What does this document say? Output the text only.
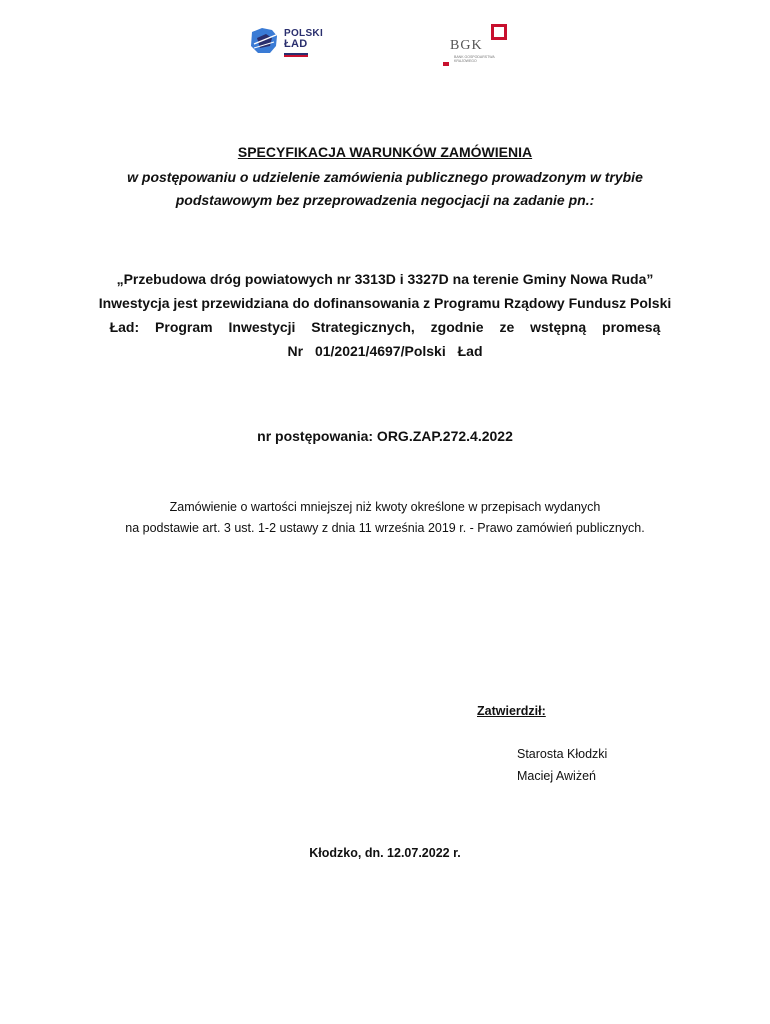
POLSKI
ŁAD	BGK
BANK GOSPODARSTWA KRAJOWEGO
SPECYFIKACJA WARUNKÓW ZAMÓWIENIA
w postępowaniu o udzielenie zamówienia publicznego prowadzonym w trybie
podstawowym bez przeprowadzenia negocjacji na zadanie pn.:
„Przebudowa dróg powiatowych nr 3313D i 3327D na terenie Gminy Nowa Ruda”
Inwestycja jest przewidziana do dofinansowania z Programu Rządowy Fundusz Polski
Ład: Program Inwestycji Strategicznych, zgodnie ze wstępną promesą
Nr 01/2021/4697/Polski Ład
nr postępowania: ORG.ZAP.272.4.2022
Zamówienie o wartości mniejszej niż kwoty określone w przepisach wydanych
na podstawie art. 3 ust. 1-2 ustawy z dnia 11 września 2019 r. - Prawo zamówień publicznych.
Zatwierdził:
Starosta Kłodzki
Maciej Awiżeń
Kłodzko, dn. 12.07.2022 r.
